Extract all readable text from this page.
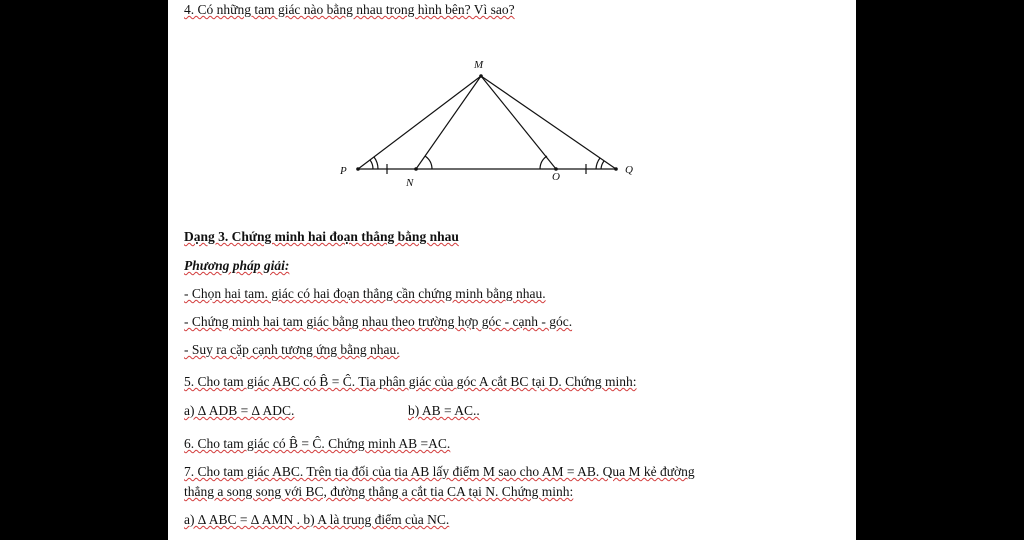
4. Có những tam giác nào bằng nhau trong hình bên? Vì sao?
M
P
N	O
Q
Dạng 3. Chứng minh hai đoạn thẳng bằng nhau
Phương pháp giải:
- Chọn hai tam. giác có hai đoạn thẳng cần chứng minh bằng nhau.
- Chứng minh hai tam giác bằng nhau theo trường hợp góc - cạnh - góc.
- Suy ra cặp cạnh tương ứng bằng nhau.
5. Cho tam giác ABC có B̂ = Ĉ. Tia phân giác của góc A cắt BC tại D. Chứng minh:
a) ∆ ADB = ∆ ADC.	b) AB = AC..
6. Cho tam giác có B̂ = Ĉ. Chứng minh AB =AC.
7. Cho tam giác ABC. Trên tia đối của tia AB lấy điểm M sao cho AM = AB. Qua M kẻ đường
thẳng a song song với BC, đường thẳng a cắt tia CA tại N. Chứng minh:
a) ∆ ABC = ∆ AMN . b) A là trung điểm của NC.
